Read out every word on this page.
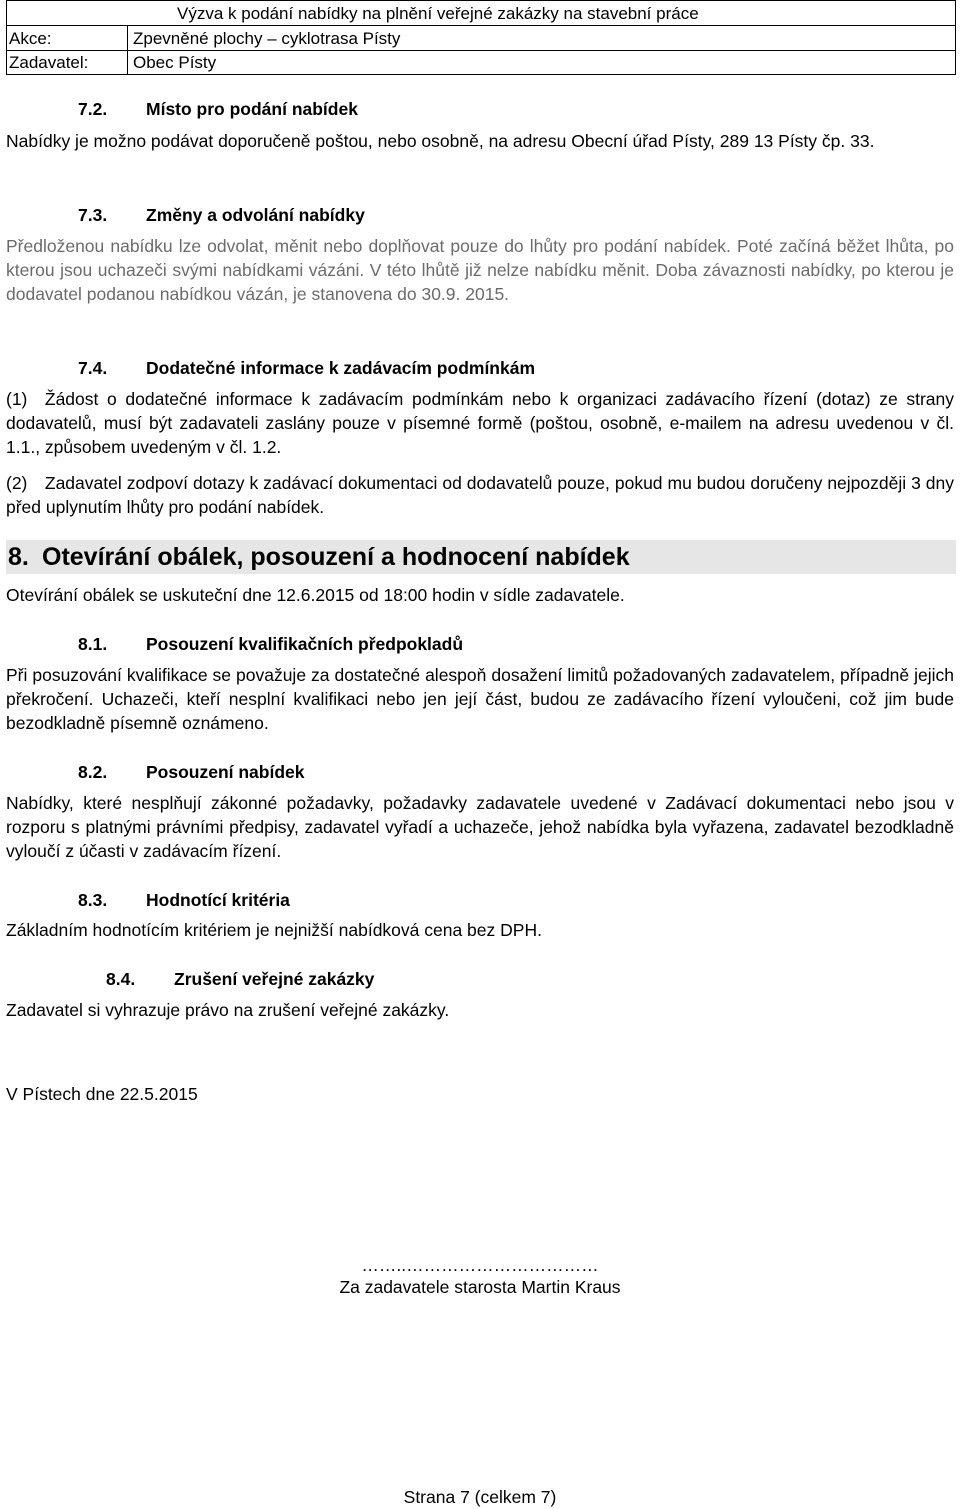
Výzva k podání nabídky na plnění veřejné zakázky na stavební práce
Akce:	Zpevněné plochy – cyklotrasa Písty
Zadavatel:	Obec Písty
7.2. Místo pro podání nabídek
Nabídky je možno podávat doporučeně poštou, nebo osobně, na adresu Obecní úřad Písty, 289 13 Písty čp. 33.
7.3. Změny a odvolání nabídky
Předloženou nabídku lze odvolat, měnit nebo doplňovat pouze do lhůty pro podání nabídek. Poté začíná běžet lhůta, po kterou jsou uchazeči svými nabídkami vázáni. V této lhůtě již nelze nabídku měnit. Doba závaznosti nabídky, po kterou je dodavatel podanou nabídkou vázán, je stanovena do 30.9. 2015.
7.4. Dodatečné informace k zadávacím podmínkám
(1) Žádost o dodatečné informace k zadávacím podmínkám nebo k organizaci zadávacího řízení (dotaz) ze strany dodavatelů, musí být zadavateli zaslány pouze v písemné formě (poštou, osobně, e-mailem na adresu uvedenou v čl. 1.1., způsobem uvedeným v čl. 1.2.
(2) Zadavatel zodpoví dotazy k zadávací dokumentaci od dodavatelů pouze, pokud mu budou doručeny nejpozději 3 dny před uplynutím lhůty pro podání nabídek.
8. Otevírání obálek, posouzení a hodnocení nabídek
Otevírání obálek se uskuteční dne 12.6.2015 od 18:00 hodin v sídle zadavatele.
8.1. Posouzení kvalifikačních předpokladů
Při posuzování kvalifikace se považuje za dostatečné alespoň dosažení limitů požadovaných zadavatelem, případně jejich překročení. Uchazeči, kteří nesplní kvalifikaci nebo jen její část, budou ze zadávacího řízení vyloučeni, což jim bude bezodkladně písemně oznámeno.
8.2. Posouzení nabídek
Nabídky, které nesplňují zákonné požadavky, požadavky zadavatele uvedené v Zadávací dokumentaci nebo jsou v rozporu s platnými právními předpisy, zadavatel vyřadí a uchazeče, jehož nabídka byla vyřazena, zadavatel bezodkladně vyloučí z účasti v zadávacím řízení.
8.3. Hodnotící kritéria
Základním hodnotícím kritériem je nejnižší nabídková cena bez DPH.
8.4. Zrušení veřejné zakázky
Zadavatel si vyhrazuje právo na zrušení veřejné zakázky.
V Pístech dne 22.5.2015
……..……………………………
Za zadavatele starosta Martin Kraus
Strana 7 (celkem 7)
